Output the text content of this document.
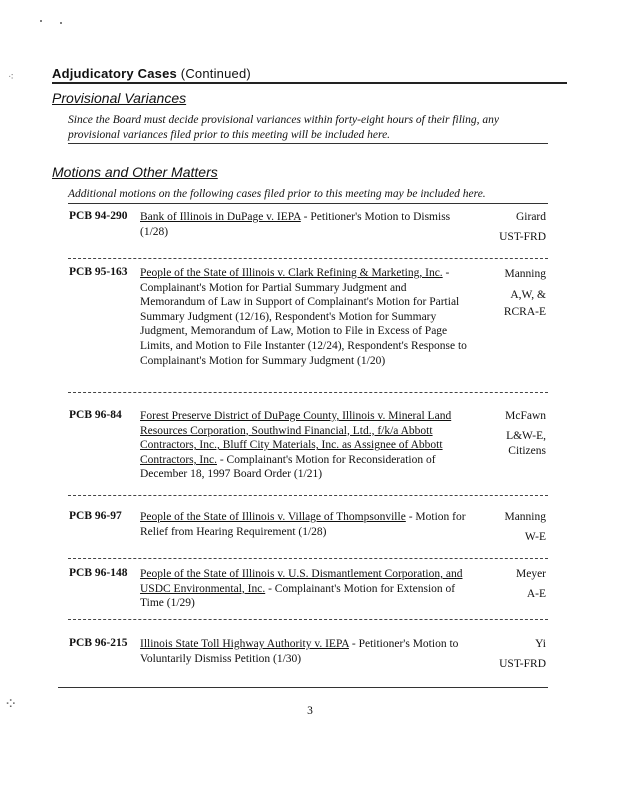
⁖
⁘
Adjudicatory Cases (Continued)
Provisional Variances
Since the Board must decide provisional variances within forty-eight hours of their filing, any provisional variances filed prior to this meeting will be included here.
Motions and Other Matters
Additional motions on the following cases filed prior to this meeting may be included here.
PCB 94-290 Bank of Illinois in DuPage v. IEPA - Petitioner's Motion to Dismiss (1/28)
Girard
UST-FRD
PCB 95-163 People of the State of Illinois v. Clark Refining & Marketing, Inc. - Complainant's Motion for Partial Summary Judgment and Memorandum of Law in Support of Complainant's Motion for Partial Summary Judgment (12/16), Respondent's Motion for Summary Judgment, Memorandum of Law, Motion to File in Excess of Page Limits, and Motion to File Instanter (12/24), Respondent's Response to Complainant's Motion for Summary Judgment (1/20)
Manning
A,W, & RCRA-E
PCB 96-84 Forest Preserve District of DuPage County, Illinois v. Mineral Land Resources Corporation, Southwind Financial, Ltd., f/k/a Abbott Contractors, Inc., Bluff City Materials, Inc. as Assignee of Abbott Contractors, Inc. - Complainant's Motion for Reconsideration of December 18, 1997 Board Order (1/21)
McFawn
L&W-E, Citizens
PCB 96-97 People of the State of Illinois v. Village of Thompsonville - Motion for Relief from Hearing Requirement (1/28)
Manning
W-E
PCB 96-148 People of the State of Illinois v. U.S. Dismantlement Corporation, and USDC Environmental, Inc. - Complainant's Motion for Extension of Time (1/29)
Meyer
A-E
PCB 96-215 Illinois State Toll Highway Authority v. IEPA - Petitioner's Motion to Voluntarily Dismiss Petition (1/30)
Yi
UST-FRD
3
